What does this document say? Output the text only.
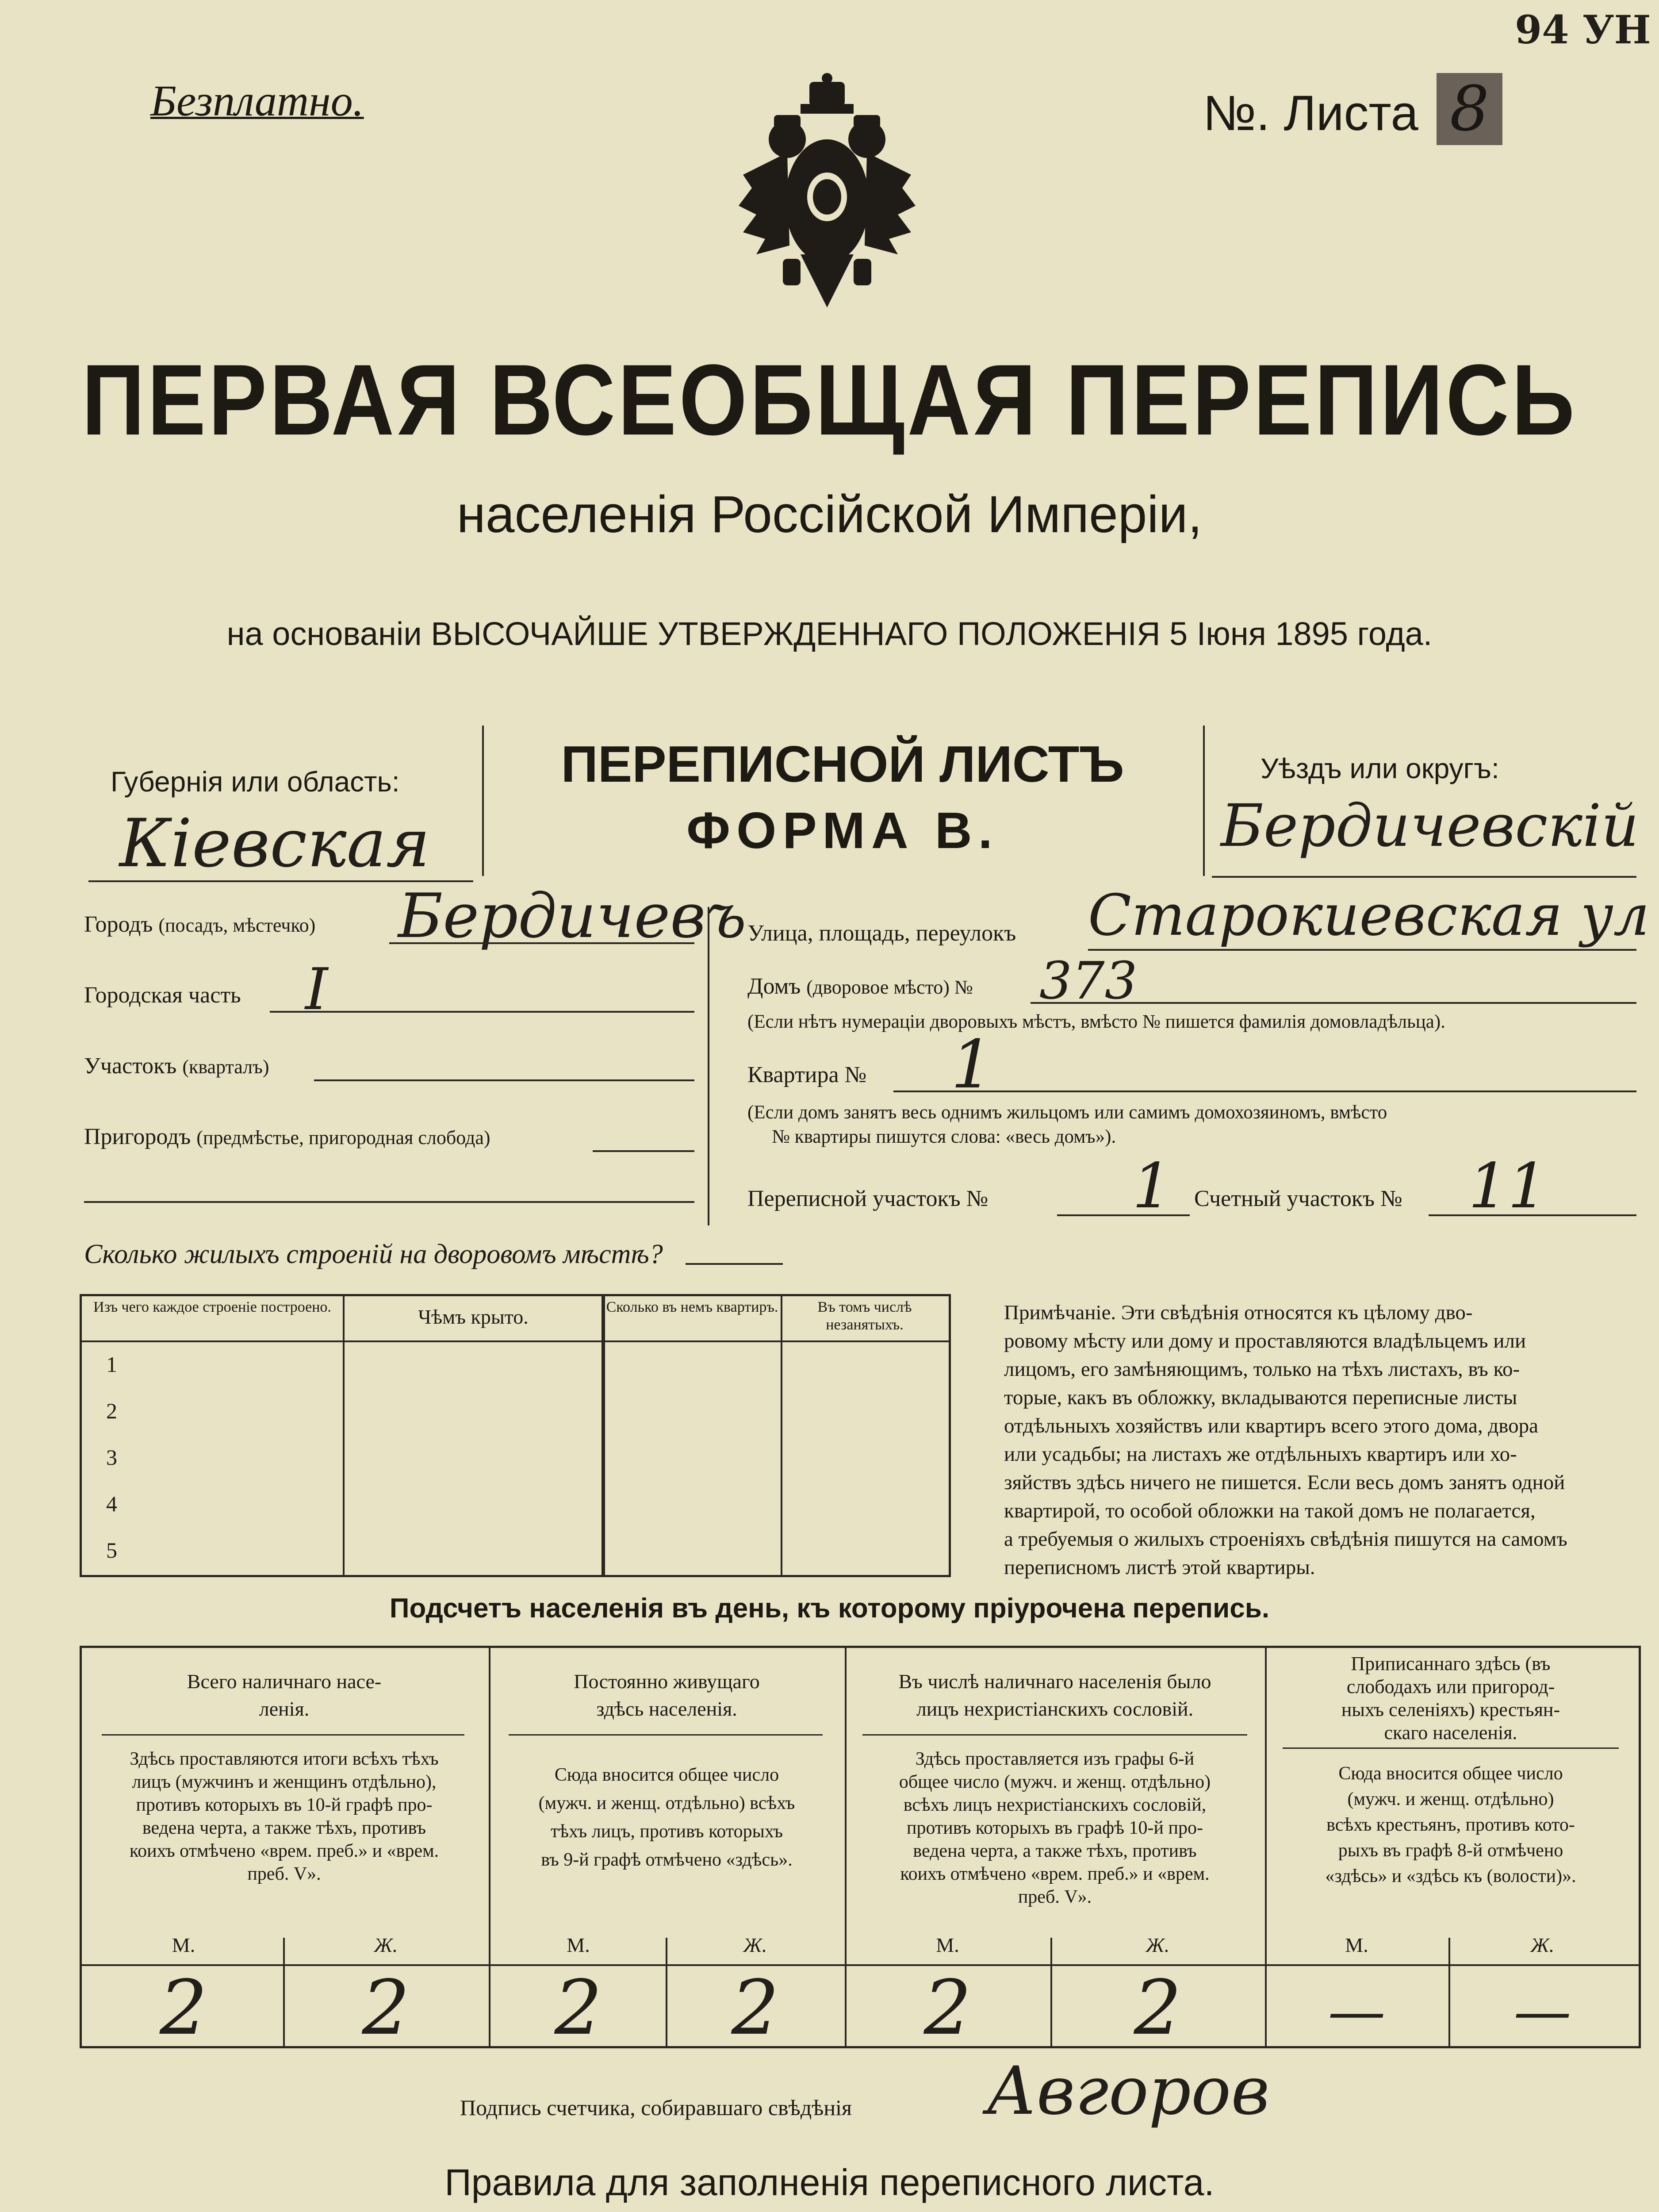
94 УН
Безплатно.	№. Листа 8
ПЕРВАЯ ВСЕОБЩАЯ ПЕРЕПИСЬ
населенія Россійской Имперіи,
на основаніи ВЫСОЧАЙШЕ УТВЕРЖДЕННАГО ПОЛОЖЕНІЯ 5 Іюня 1895 года.
Губернія или область:
Кiевская
ПЕРЕПИСНОЙ ЛИСТЪ
ФОРМА В.
Уѣздъ или округъ:
Бердичевскiй
Городъ (посадъ, мѣстечко) Бердичевъ
Городская часть I
Участокъ (кварталъ)
Пригородъ (предмѣстье, пригородная слобода)
Улица, площадь, переулокъ Старокиевская ул
Домъ (дворовое мѣсто) № 373
(Если нѣтъ нумераціи дворовыхъ мѣстъ, вмѣсто № пишется фамилія домовладѣльца).
Квартира № 1
(Если домъ занятъ весь однимъ жильцомъ или самимъ домохозяиномъ, вмѣсто
№ квартиры пишутся слова: «весь домъ»).
Переписной участокъ № 1 Счетный участокъ № 11
Сколько жилыхъ строеній на дворовомъ мѣстѣ?
Изъ чего каждое строеніе построено.	Чѣмъ крыто.	Сколько въ немъ квартиръ.	Въ томъ числѣ незанятыхъ.
1
2
3
4
5
Примѣчаніе. Эти свѣдѣнія относятся къ цѣлому дво-
ровому мѣсту или дому и проставляются владѣльцемъ или
лицомъ, его замѣняющимъ, только на тѣхъ листахъ, въ ко-
торые, какъ въ обложку, вкладываются переписные листы
отдѣльныхъ хозяйствъ или квартиръ всего этого дома, двора
или усадьбы; на листахъ же отдѣльныхъ квартиръ или хо-
зяйствъ здѣсь ничего не пишется. Если весь домъ занятъ одной
квартирой, то особой обложки на такой домъ не полагается,
а требуемыя о жилыхъ строеніяхъ свѣдѣнія пишутся на самомъ
переписномъ листѣ этой квартиры.
Подсчетъ населенія въ день, къ которому пріурочена перепись.
Всего наличнаго насе-
ленія.
Здѣсь проставляются итоги всѣхъ тѣхъ
лицъ (мужчинъ и женщинъ отдѣльно),
противъ которыхъ въ 10-й графѣ про-
ведена черта, а также тѣхъ, противъ
коихъ отмѣчено «врем. преб.» и «врем.
преб. V».
Постоянно живущаго
здѣсь населенія.
Сюда вносится общее число
(мужч. и женщ. отдѣльно) всѣхъ
тѣхъ лицъ, противъ которыхъ
въ 9-й графѣ отмѣчено «здѣсь».
Въ числѣ наличнаго населенія было
лицъ нехристіанскихъ сословій.
Здѣсь проставляется изъ графы 6-й
общее число (мужч. и женщ. отдѣльно)
всѣхъ лицъ нехристіанскихъ сословій,
противъ которыхъ въ графѣ 10-й про-
ведена черта, а также тѣхъ, противъ
коихъ отмѣчено «врем. преб.» и «врем.
преб. V».
Приписаннаго здѣсь (въ
слободахъ или пригород-
ныхъ селеніяхъ) крестьян-
скаго населенія.
Сюда вносится общее число
(мужч. и женщ. отдѣльно)
всѣхъ крестьянъ, противъ кото-
рыхъ въ графѣ 8-й отмѣчено
«здѣсь» и «здѣсь къ (волости)».
М.	Ж.	М.	Ж.	М.	Ж.	М.	Ж.
2	2	2	2	2	2	—	—
Подпись счетчика, собиравшаго свѣдѣнія Авгоров
Правила для заполненія переписного листа.
